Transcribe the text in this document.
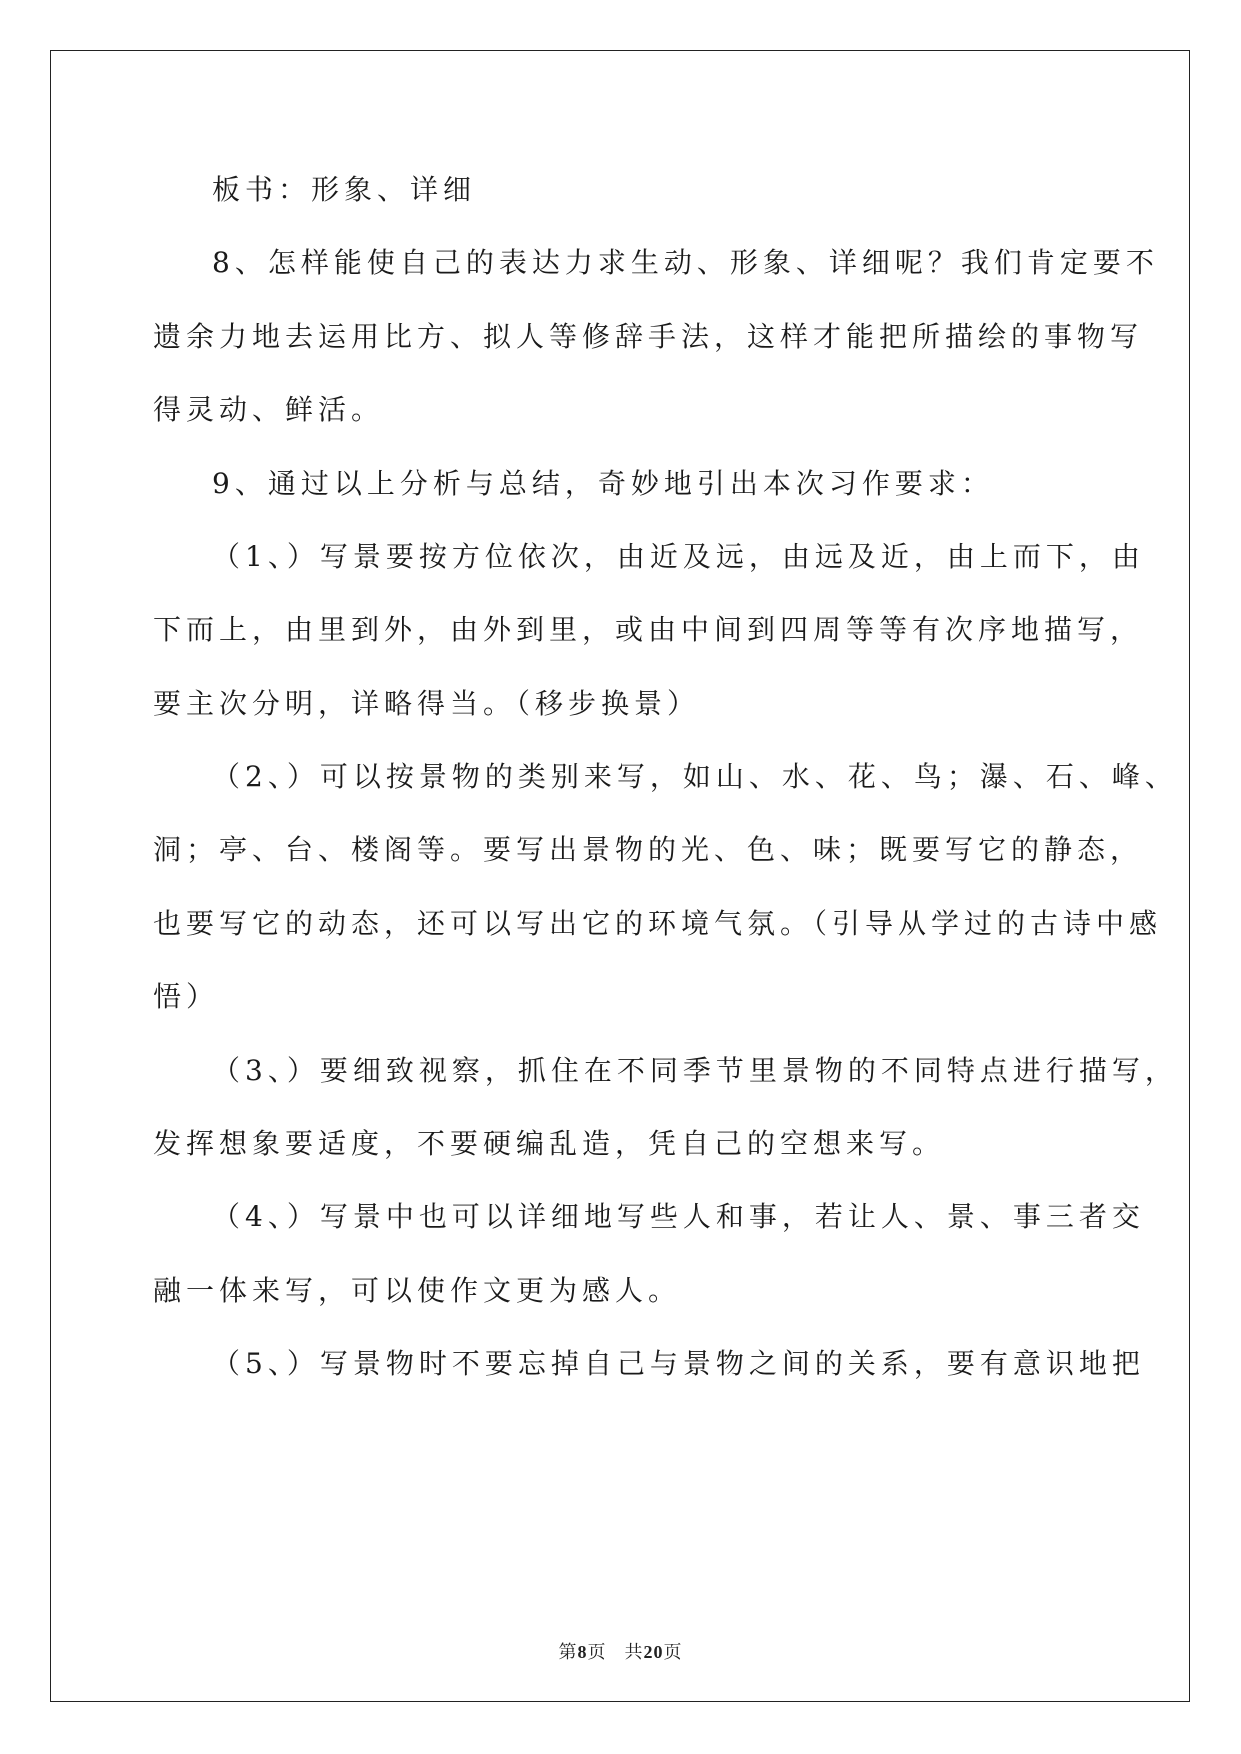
板书：形象、详细
8、怎样能使自己的表达力求生动、形象、详细呢？我们肯定要不
遗余力地去运用比方、拟人等修辞手法，这样才能把所描绘的事物写
得灵动、鲜活。
9、通过以上分析与总结，奇妙地引出本次习作要求：
（1、）写景要按方位依次，由近及远，由远及近，由上而下，由
下而上，由里到外，由外到里，或由中间到四周等等有次序地描写，
要主次分明，详略得当。（移步换景）
（2、）可以按景物的类别来写，如山、水、花、鸟；瀑、石、峰、
洞；亭、台、楼阁等。要写出景物的光、色、味；既要写它的静态，
也要写它的动态，还可以写出它的环境气氛。（引导从学过的古诗中感
悟）
（3、）要细致视察，抓住在不同季节里景物的不同特点进行描写，
发挥想象要适度，不要硬编乱造，凭自己的空想来写。
（4、）写景中也可以详细地写些人和事，若让人、景、事三者交
融一体来写，可以使作文更为感人。
（5、）写景物时不要忘掉自己与景物之间的关系，要有意识地把
第8页 共20页
